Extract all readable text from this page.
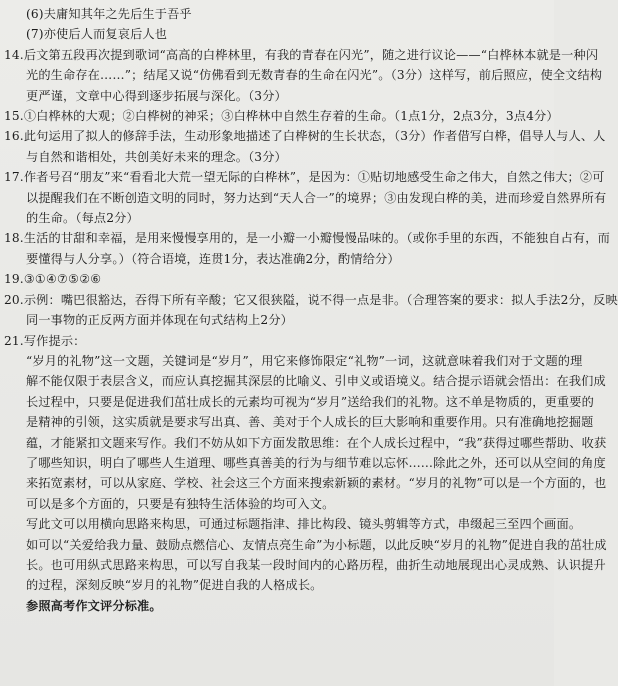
(6)夫庸知其年之先后生于吾乎
(7)亦使后人而复哀后人也
14.后文第五段再次提到歌词“高高的白桦林里，有我的青春在闪光”，随之进行议论——“白桦林本就是一种闪
光的生命存在……”；结尾又说“仿佛看到无数青春的生命在闪光”。（3分）这样写，前后照应，使全文结构
更严谨，文章中心得到逐步拓展与深化。（3分）
15.①白桦林的大观；②白桦树的神采；③白桦林中自然生存着的生命。（1点1分，2点3分，3点4分）
16.此句运用了拟人的修辞手法，生动形象地描述了白桦树的生长状态，（3分）作者借写白桦，倡导人与人、人
与自然和谐相处，共创美好未来的理念。（3分）
17.作者号召“朋友”来“看看北大荒一望无际的白桦林”，是因为：①贴切地感受生命之伟大，自然之伟大；②可
以提醒我们在不断创造文明的同时，努力达到“天人合一”的境界；③由发现白桦的美，进而珍爱自然界所有
的生命。（每点2分）
18.生活的甘甜和幸福，是用来慢慢享用的，是一小瓣一小瓣慢慢品味的。（或你手里的东西，不能独自占有，而
要懂得与人分享。）（符合语境，连贯1分，表达准确2分，酌情给分）
19.③①④⑦⑤②⑥
20.示例：嘴巴很豁达，吞得下所有辛酸；它又很狭隘，说不得一点是非。（合理答案的要求：拟人手法2分，反映
同一事物的正反两方面并体现在句式结构上2分）
21.写作提示：
“岁月的礼物”这一文题，关键词是“岁月”，用它来修饰限定“礼物”一词，这就意味着我们对于文题的理
解不能仅限于表层含义，而应认真挖掘其深层的比喻义、引申义或语境义。结合提示语就会悟出：在我们成
长过程中，只要是促进我们茁壮成长的元素均可视为“岁月”送给我们的礼物。这不单是物质的，更重要的
是精神的引领，这实质就是要求写出真、善、美对于个人成长的巨大影响和重要作用。只有准确地挖掘题
蕴，才能紧扣文题来写作。我们不妨从如下方面发散思维：在个人成长过程中，“我”获得过哪些帮助、收获
了哪些知识，明白了哪些人生道理、哪些真善美的行为与细节难以忘怀……除此之外，还可以从空间的角度
来拓宽素材，可以从家庭、学校、社会这三个方面来搜索新颖的素材。“岁月的礼物”可以是一个方面的，也
可以是多个方面的，只要是有独特生活体验的均可入文。
写此文可以用横向思路来构思，可通过标题指津、排比构段、镜头剪辑等方式，串缀起三至四个画面。
如可以“关爱给我力量、鼓励点燃信心、友情点亮生命”为小标题，以此反映“岁月的礼物”促进自我的茁壮成
长。也可用纵式思路来构思，可以写自我某一段时间内的心路历程，曲折生动地展现出心灵成熟、认识提升
的过程，深刻反映“岁月的礼物”促进自我的人格成长。
参照高考作文评分标准。
